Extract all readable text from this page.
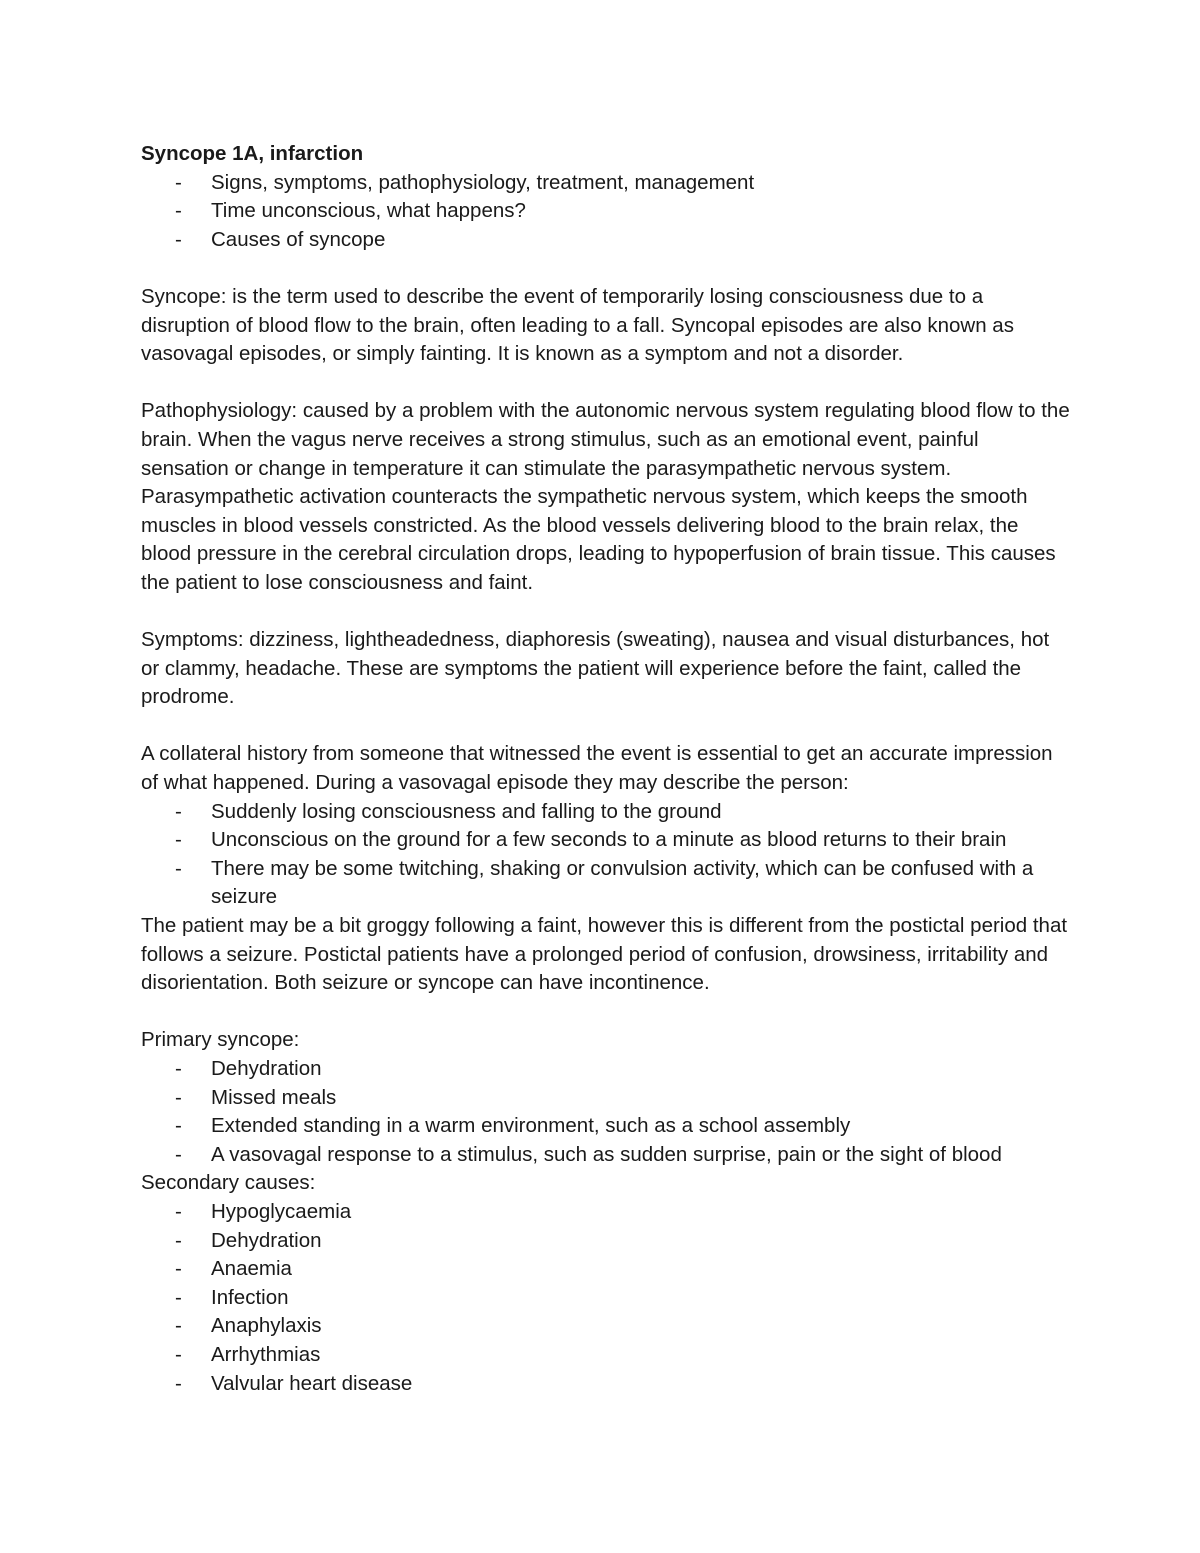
Syncope 1A, infarction

- Signs, symptoms, pathophysiology, treatment, management
- Time unconscious, what happens?
- Causes of syncope

Syncope: is the term used to describe the event of temporarily losing consciousness due to a disruption of blood flow to the brain, often leading to a fall. Syncopal episodes are also known as vasovagal episodes, or simply fainting. It is known as a symptom and not a disorder.

Pathophysiology: caused by a problem with the autonomic nervous system regulating blood flow to the brain. When the vagus nerve receives a strong stimulus, such as an emotional event, painful sensation or change in temperature it can stimulate the parasympathetic nervous system. Parasympathetic activation counteracts the sympathetic nervous system, which keeps the smooth muscles in blood vessels constricted. As the blood vessels delivering blood to the brain relax, the blood pressure in the cerebral circulation drops, leading to hypoperfusion of brain tissue. This causes the patient to lose consciousness and faint.

Symptoms: dizziness, lightheadedness, diaphoresis (sweating), nausea and visual disturbances, hot or clammy, headache. These are symptoms the patient will experience before the faint, called the prodrome.

A collateral history from someone that witnessed the event is essential to get an accurate impression of what happened. During a vasovagal episode they may describe the person:

- Suddenly losing consciousness and falling to the ground
- Unconscious on the ground for a few seconds to a minute as blood returns to their brain
- There may be some twitching, shaking or convulsion activity, which can be confused with a seizure

The patient may be a bit groggy following a faint, however this is different from the postictal period that follows a seizure. Postictal patients have a prolonged period of confusion, drowsiness, irritability and disorientation. Both seizure or syncope can have incontinence.

Primary syncope:

- Dehydration
- Missed meals
- Extended standing in a warm environment, such as a school assembly
- A vasovagal response to a stimulus, such as sudden surprise, pain or the sight of blood

Secondary causes:

- Hypoglycaemia
- Dehydration
- Anaemia
- Infection
- Anaphylaxis
- Arrhythmias
- Valvular heart disease
